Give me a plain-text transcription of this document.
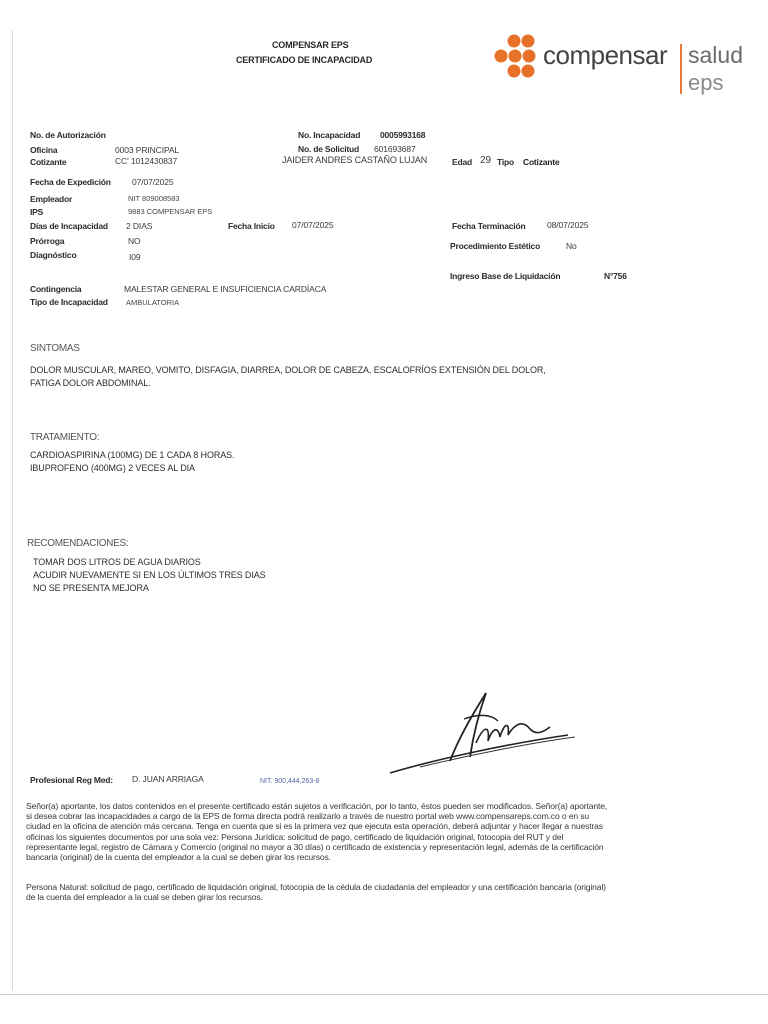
COMPENSAR EPS
CERTIFICADO DE INCAPACIDAD	compensar salud
eps
No. de Autorización	No. Incapacidad 0005993168
Oficina	0003 PRINCIPAL	No. de Solicitud 601693687
Cotizante	CC' 1012430837	JAIDER ANDRES CASTAÑO LUJAN	Edad 29 Tipo Cotizante
Fecha de Expedición 07/07/2025
Empleador	NIT 809008583
IPS	9883 COMPENSAR EPS
Días de Incapacidad 2 DIAS	Fecha Inicio 07/07/2025	Fecha Terminación	08/07/2025
Prórroga	NO	Procedimiento Estético	No
Diagnóstico	I09
Ingreso Base de Liquidación	N°756
Contingencia	MALESTAR GENERAL E INSUFICIENCIA CARDÍACA
Tipo de Incapacidad AMBULATORIA
SINTOMAS
DOLOR MUSCULAR, MAREO, VOMITO, DISFAGIA, DIARREA, DOLOR DE CABEZA, ESCALOFRÍOS EXTENSIÓN DEL DOLOR,
FATIGA DOLOR ABDOMINAL.
TRATAMIENTO:
CARDIOASPIRINA (100MG) DE 1 CADA 8 HORAS.
IBUPROFENO (400MG) 2 VECES AL DIA
RECOMENDACIONES:
TOMAR DOS LITROS DE AGUA DIARIOS
ACUDIR NUEVAMENTE SI EN LOS ÚLTIMOS TRES DIAS
NO SE PRESENTA MEJORA
Profesional Reg Med: D. JUAN ARRIAGA	NIT. 900,444,263-8
Señor(a) aportante, los datos contenidos en el presente certificado están sujetos a verificación, por lo tanto, éstos pueden ser modificados. Señor(a) aportante, si desea cobrar las incapacidades a cargo de la EPS de forma directa podrá realizarlo a través de nuestro portal web www.compensareps.com.co o en su ciudad en la oficina de atención más cercana. Tenga en cuenta que si es la primera vez que ejecuta esta operación, deberá adjuntar y hacer llegar a nuestras oficinas los siguientes documentos por una sola vez: Persona Jurídica: solicitud de pago, certificado de liquidación original, fotocopia del RUT y del representante legal, registro de Cámara y Comercio (original no mayor a 30 días) o certificado de existencia y representación legal, además de la certificación bancaria (original) de la cuenta del empleador a la cual se deben girar los recursos.
Persona Natural: solicitud de pago, certificado de liquidación original, fotocopia de la cédula de ciudadanía del empleador y una certificación bancaria (original) de la cuenta del empleador a la cual se deben girar los recursos.
